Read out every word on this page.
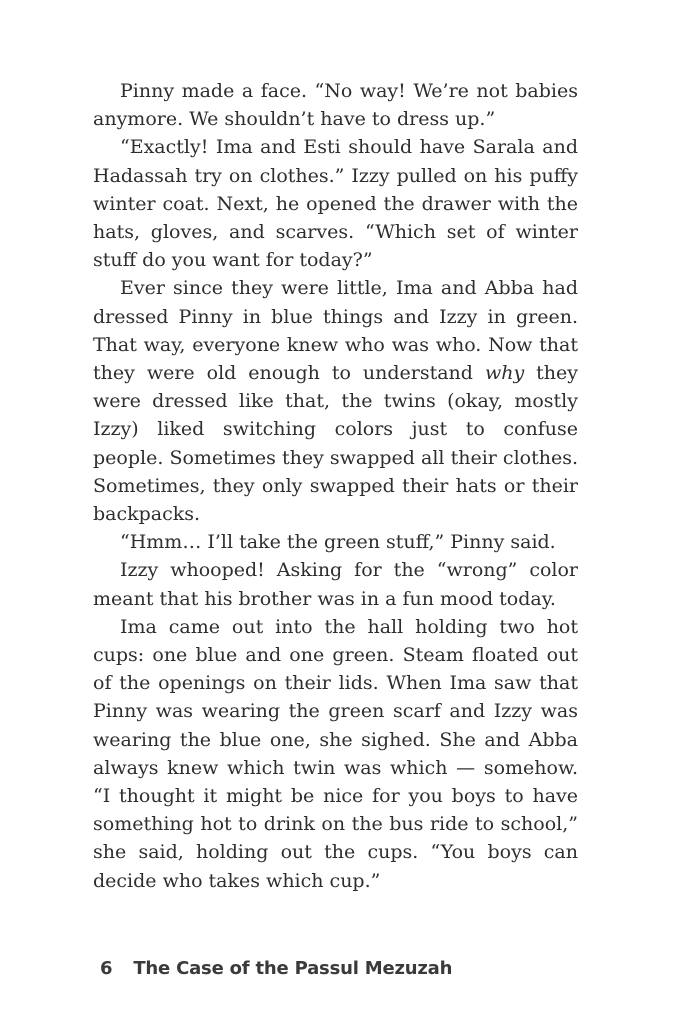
Pinny made a face. “No way! We’re not babies anymore. We shouldn’t have to dress up.”

“Exactly! Ima and Esti should have Sarala and Hadassah try on clothes.” Izzy pulled on his puffy winter coat. Next, he opened the drawer with the hats, gloves, and scarves. “Which set of winter stuff do you want for today?”

Ever since they were little, Ima and Abba had dressed Pinny in blue things and Izzy in green. That way, everyone knew who was who. Now that they were old enough to understand why they were dressed like that, the twins (okay, mostly Izzy) liked switching colors just to confuse people. Sometimes they swapped all their clothes. Sometimes, they only swapped their hats or their backpacks.

“Hmm… I’ll take the green stuff,” Pinny said.

Izzy whooped! Asking for the “wrong” color meant that his brother was in a fun mood today.

Ima came out into the hall holding two hot cups: one blue and one green. Steam floated out of the openings on their lids. When Ima saw that Pinny was wearing the green scarf and Izzy was wearing the blue one, she sighed. She and Abba always knew which twin was which — somehow. “I thought it might be nice for you boys to have something hot to drink on the bus ride to school,” she said, holding out the cups. “You boys can decide who takes which cup.”

6 The Case of the Passul Mezuzah
